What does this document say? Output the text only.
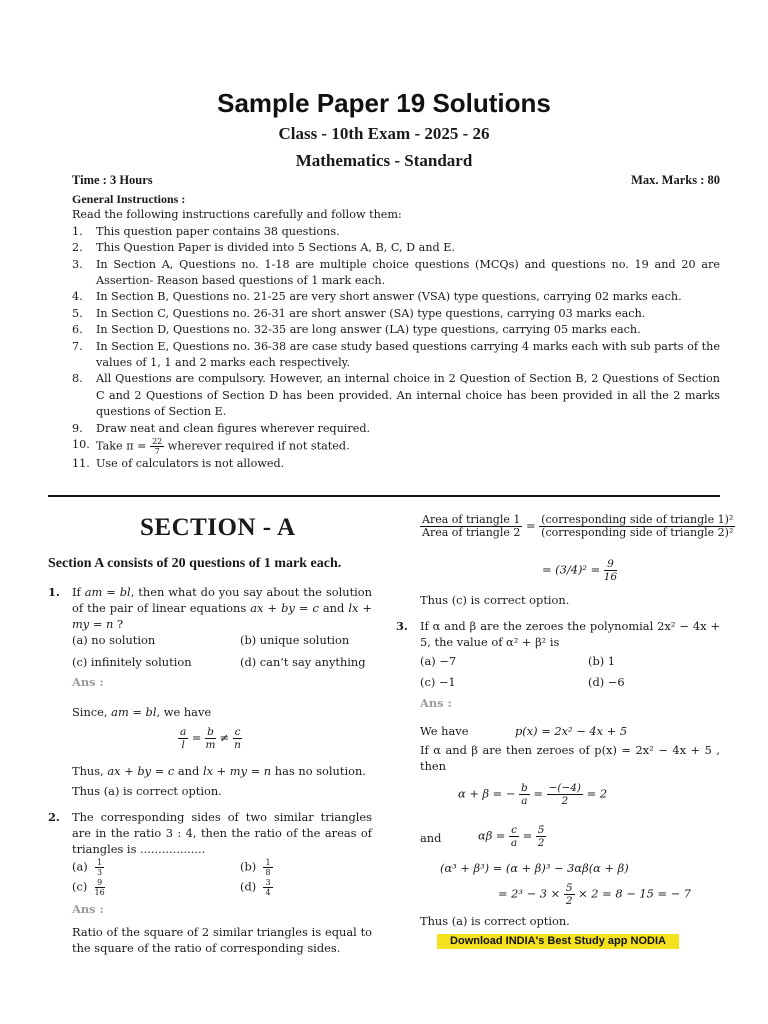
Sample Paper 19 Solutions
Class - 10th Exam - 2025 - 26
Mathematics - Standard
Time : 3 Hours	Max. Marks : 80
General Instructions :
Read the following instructions carefully and follow them:
1. This question paper contains 38 questions.
2. This Question Paper is divided into 5 Sections A, B, C, D and E.
3. In Section A, Questions no. 1-18 are multiple choice questions (MCQs) and questions no. 19 and 20 are Assertion- Reason based questions of 1 mark each.
4. In Section B, Questions no. 21-25 are very short answer (VSA) type questions, carrying 02 marks each.
5. In Section C, Questions no. 26-31 are short answer (SA) type questions, carrying 03 marks each.
6. In Section D, Questions no. 32-35 are long answer (LA) type questions, carrying 05 marks each.
7. In Section E, Questions no. 36-38 are case study based questions carrying 4 marks each with sub parts of the values of 1, 1 and 2 marks each respectively.
8. All Questions are compulsory. However, an internal choice in 2 Question of Section B, 2 Questions of Section C and 2 Questions of Section D has been provided. An internal choice has been provided in all the 2 marks questions of Section E.
9. Draw neat and clean figures wherever required.
10. Take $\pi = \frac{22}{7}$ wherever required if not stated.
11. Use of calculators is not allowed.
SECTION - A
Section A consists of 20 questions of 1 mark each.
1.	If am = bl, then what do you say about the solution of the pair of linear equations ax + by = c and lx + my = n ?
(a) no solution	(b) unique solution
(c) infinitely solution	(d) can’t say anything
Ans :
Since, am = bl, we have
$\frac{a}{l} = \frac{b}{m} \ne \frac{c}{n}$
Thus, ax + by = c and lx + my = n has no solution.
Thus (a) is correct option.
2.	The corresponding sides of two similar triangles are in the ratio 3 : 4, then the ratio of the areas of triangles is ..................
$(a) \frac{1}{3}$	$(b) \frac{1}{8}$
$(c) \frac{9}{16}$	$(d) \frac{3}{4}$
Ans :
Ratio of the square of 2 similar triangles is equal to the square of the ratio of corresponding sides.
$\frac{\text{Area of triangle 1}}{\text{Area of triangle 2}} = \frac{\text{(corresponding side of triangle 1)²}}{\text{(corresponding side of triangle 2)²}}$
= $(3/4)^2 = \frac{9}{16}$
Thus (c) is correct option.
3.	If α and β are the zeroes the polynomial 2x² − 4x + 5, the value of α² + β² is
(a) −7	(b) 1
(c) −1	(d) −6
Ans :
We have	p(x) = 2x² − 4x + 5
If α and β are then zeroes of p(x) = 2x² − 4x + 5 , then
α + β = − $\frac{b}{a} = \frac{-(-4)}{2} = 2$
and	$\alpha\beta = \frac{c}{a} = \frac{5}{2}$
(α³ + β³) = (α + β)³ − 3αβ(α + β)
= $2^3 - 3 \times \frac{5}{2} \times 2 = 8 - 15$ = − 7
Thus (a) is correct option.
Download INDIA's Best Study app NODIA
